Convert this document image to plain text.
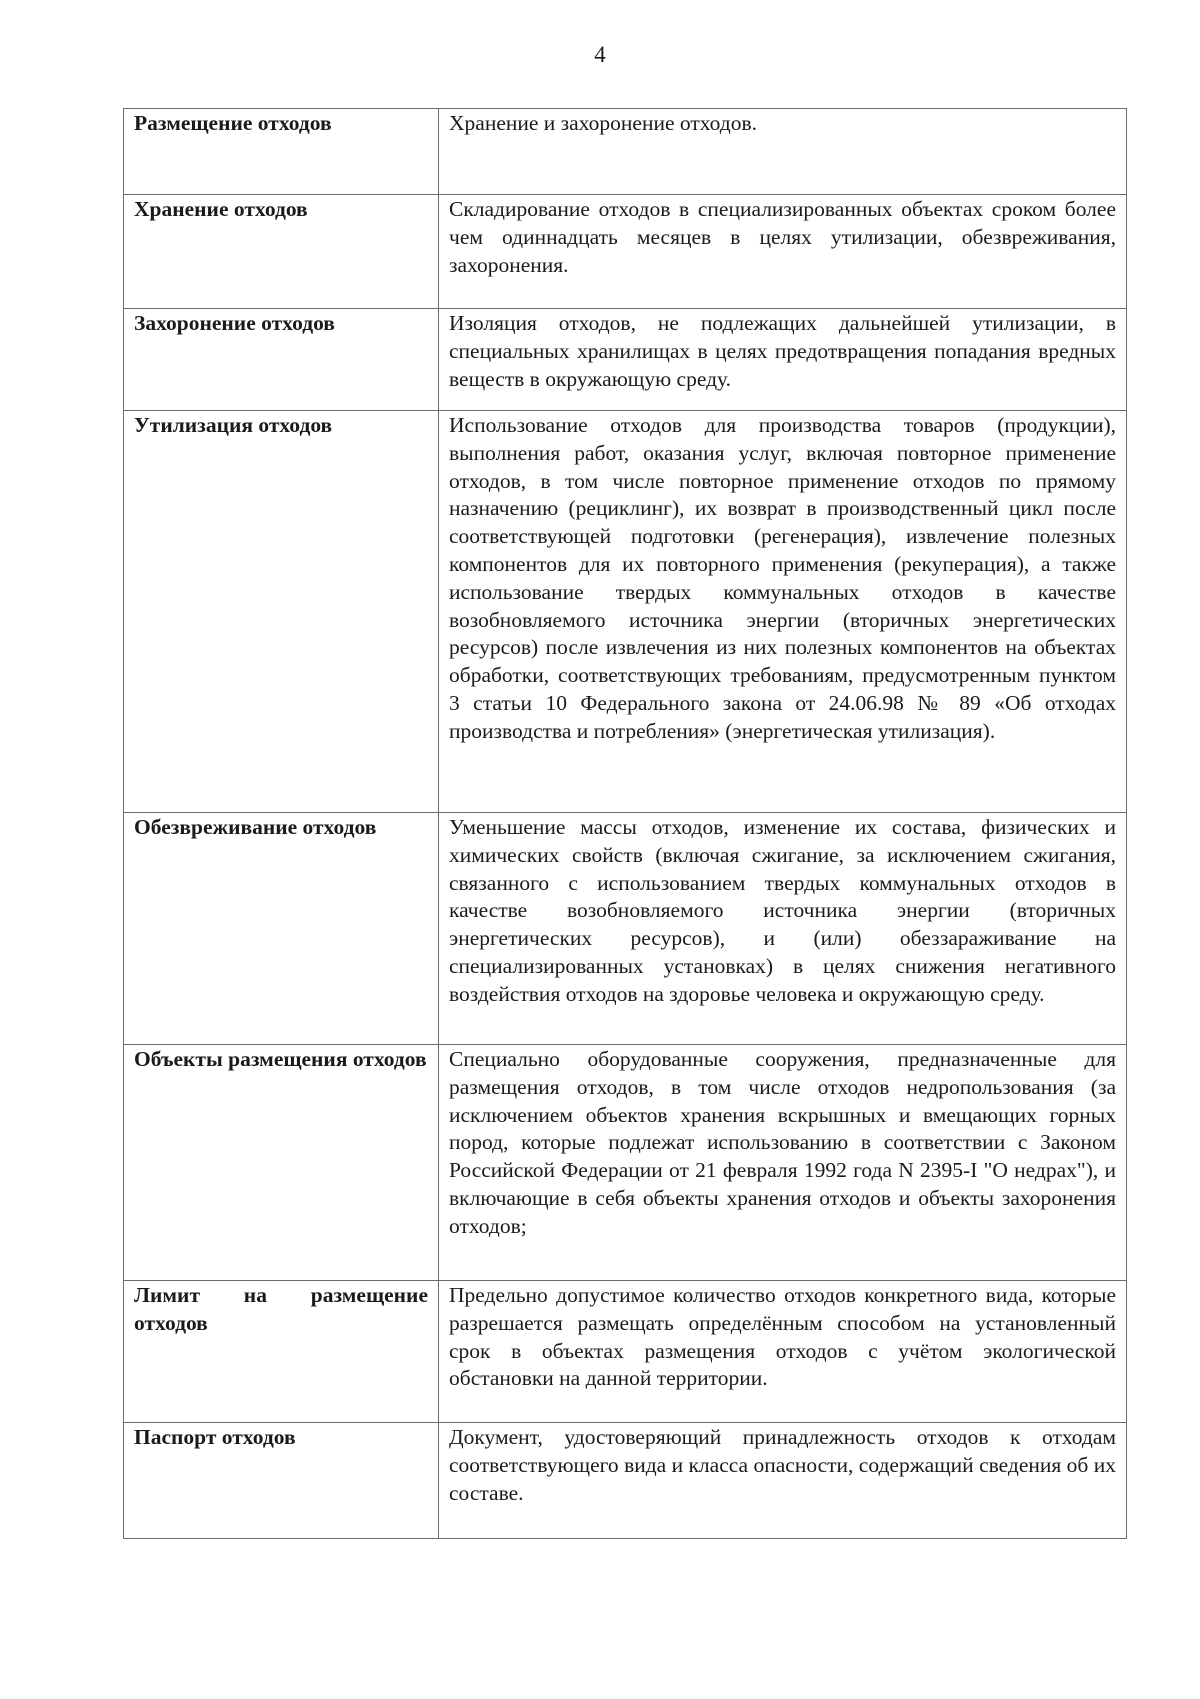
4
Размещение отходов	Хранение и захоронение отходов.
Хранение отходов	Складирование отходов в специализированных объектах сроком более чем одиннадцать месяцев в целях утилизации, обезвреживания, захоронения.
Захоронение отходов	Изоляция отходов, не подлежащих дальнейшей утилизации, в специальных хранилищах в целях предотвращения попадания вредных веществ в окружающую среду.
Утилизация отходов	Использование отходов для производства товаров (продукции), выполнения работ, оказания услуг, включая повторное применение отходов, в том числе повторное применение отходов по прямому назначению (рециклинг), их возврат в производственный цикл после соответствующей подготовки (регенерация), извлечение полезных компонентов для их повторного применения (рекуперация), а также использование твердых коммунальных отходов в качестве возобновляемого источника энергии (вторичных энергетических ресурсов) после извлечения из них полезных компонентов на объектах обработки, соответствующих требованиям, предусмотренным пунктом 3 статьи 10 Федерального закона от 24.06.98 № 89 «Об отходах производства и потребления» (энергетическая утилизация).
Обезвреживание отходов	Уменьшение массы отходов, изменение их состава, физических и химических свойств (включая сжигание, за исключением сжигания, связанного с использованием твердых коммунальных отходов в качестве возобновляемого источника энергии (вторичных энергетических ресурсов), и (или) обеззараживание на специализированных установках) в целях снижения негативного воздействия отходов на здоровье человека и окружающую среду.
Объекты размещения отходов	Специально оборудованные сооружения, предназначенные для размещения отходов, в том числе отходов недропользования (за исключением объектов хранения вскрышных и вмещающих горных пород, которые подлежат использованию в соответствии с Законом Российской Федерации от 21 февраля 1992 года N 2395-I "О недрах"), и включающие в себя объекты хранения отходов и объекты захоронения отходов;
Лимит на размещение отходов	Предельно допустимое количество отходов конкретного вида, которые разрешается размещать определённым способом на установленный срок в объектах размещения отходов с учётом экологической обстановки на данной территории.
Паспорт отходов	Документ, удостоверяющий принадлежность отходов к отходам соответствующего вида и класса опасности, содержащий сведения об их составе.
